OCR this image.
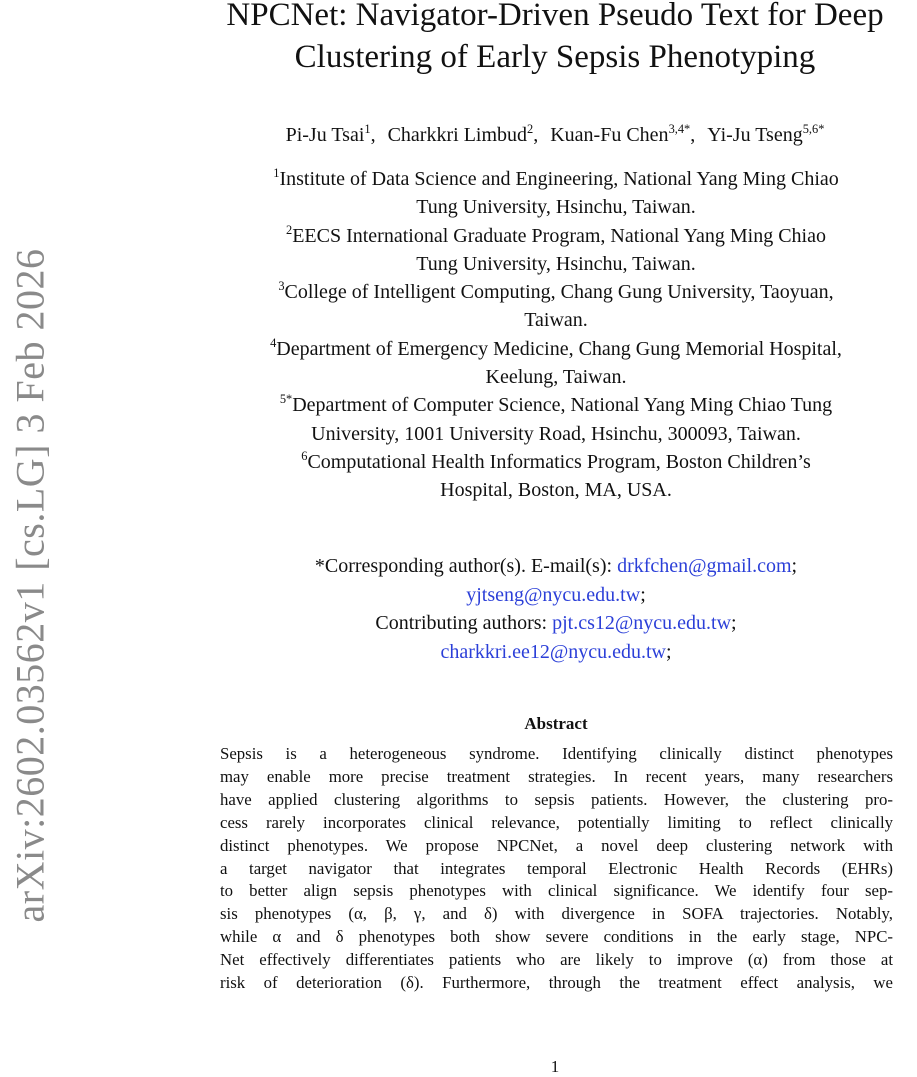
arXiv:2602.03562v1 [cs.LG] 3 Feb 2026
NPCNet: Navigator-Driven Pseudo Text for Deep
Clustering of Early Sepsis Phenotyping
Pi-Ju Tsai$^1$, Charkkri Limbud$^2$, Kuan-Fu Chen$^{3,4*}$, Yi-Ju Tseng$^{5,6*}$

$^1$Institute of Data Science and Engineering, National Yang Ming Chiao
Tung University, Hsinchu, Taiwan.

$^2$EECS International Graduate Program, National Yang Ming Chiao
Tung University, Hsinchu, Taiwan.

$^3$College of Intelligent Computing, Chang Gung University, Taoyuan,
Taiwan.

$^4$Department of Emergency Medicine, Chang Gung Memorial Hospital,
Keelung, Taiwan.

$^{5*}$Department of Computer Science, National Yang Ming Chiao Tung
University, 1001 University Road, Hsinchu, 300093, Taiwan.

$^6$Computational Health Informatics Program, Boston Children’s
Hospital, Boston, MA, USA.

*Corresponding author(s). E-mail(s): drkfchen@gmail.com;

yjtseng@nycu.edu.tw;

Contributing authors: pjt.cs12@nycu.edu.tw;

charkkri.ee12@nycu.edu.tw;

Abstract
Sepsis is a heterogeneous syndrome. Identifying clinically distinct phenotypes
may enable more precise treatment strategies. In recent years, many researchers
have applied clustering algorithms to sepsis patients. However, the clustering pro-
cess rarely incorporates clinical relevance, potentially limiting to reflect clinically
distinct phenotypes. We propose NPCNet, a novel deep clustering network with
a target navigator that integrates temporal Electronic Health Records (EHRs)
to better align sepsis phenotypes with clinical significance. We identify four sep-
sis phenotypes (α, β, γ, and δ) with divergence in SOFA trajectories. Notably,
while α and δ phenotypes both show severe conditions in the early stage, NPC-
Net effectively differentiates patients who are likely to improve (α) from those at
risk of deterioration (δ). Furthermore, through the treatment effect analysis, we
1
